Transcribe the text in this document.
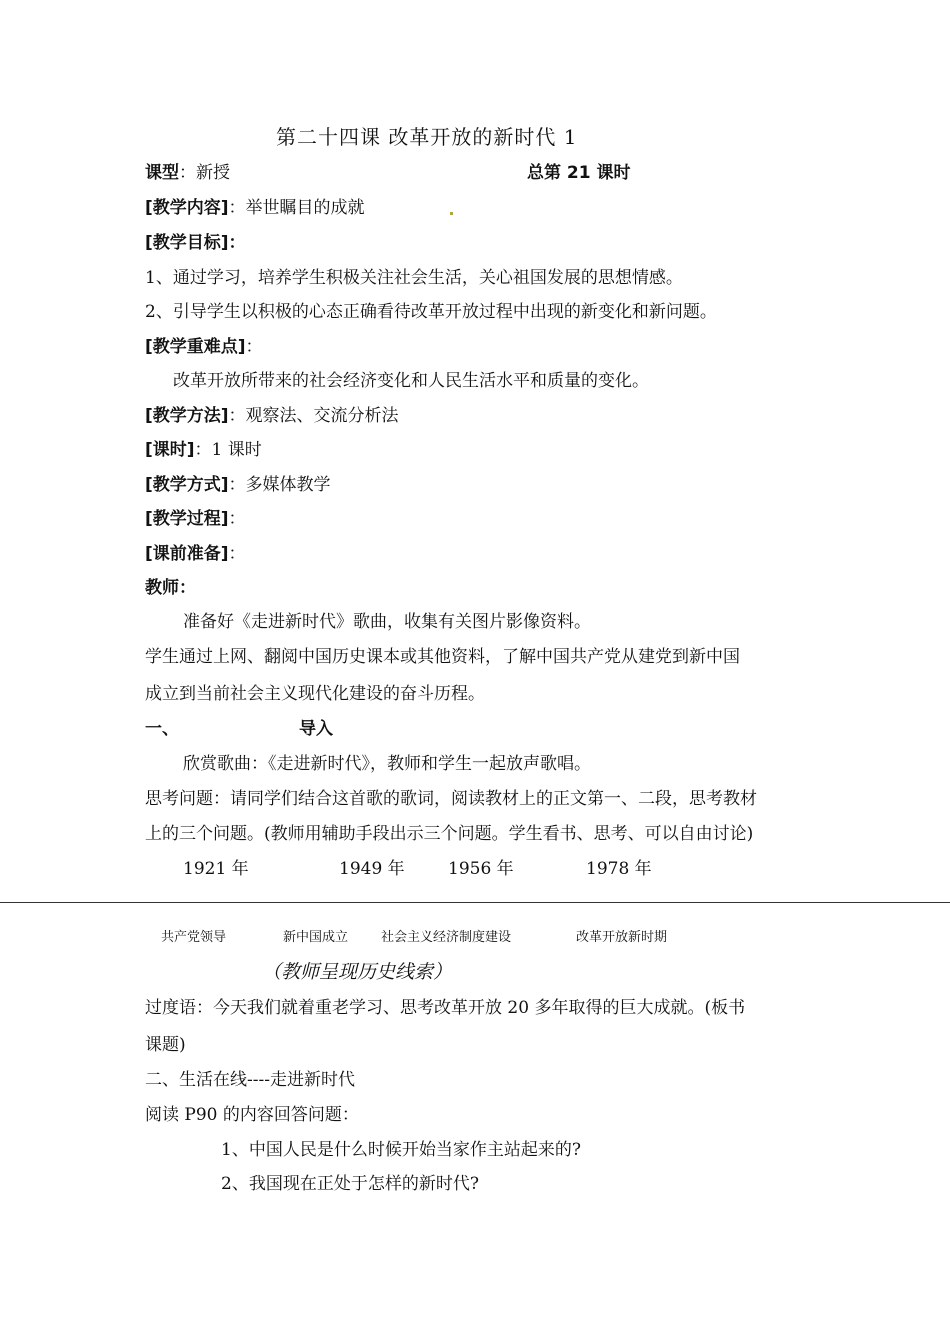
第二十四课 改革开放的新时代 1
课型：新授	总第 21 课时
[教学内容]：举世瞩目的成就
[教学目标]：
1、通过学习，培养学生积极关注社会生活，关心祖国发展的思想情感。
2、引导学生以积极的心态正确看待改革开放过程中出现的新变化和新问题。
[教学重难点]：
改革开放所带来的社会经济变化和人民生活水平和质量的变化。
[教学方法]：观察法、交流分析法
[课时]：1 课时
[教学方式]：多媒体教学
[教学过程]：
[课前准备]：
教师：
准备好《走进新时代》歌曲，收集有关图片影像资料。
学生通过上网、翻阅中国历史课本或其他资料，了解中国共产党从建党到新中国
成立到当前社会主义现代化建设的奋斗历程。
一、	导入
欣赏歌曲：《走进新时代》，教师和学生一起放声歌唱。
思考问题：请同学们结合这首歌的歌词，阅读教材上的正文第一、二段，思考教材
上的三个问题。(教师用辅助手段出示三个问题。学生看书、思考、可以自由讨论)
1921 年	1949 年	1956 年	1978 年
共产党领导	新中国成立	社会主义经济制度建设	改革开放新时期
（教师呈现历史线索）
过度语：今天我们就着重老学习、思考改革开放 20 多年取得的巨大成就。(板书
课题)
二、生活在线----走进新时代
阅读 P90 的内容回答问题：
1、中国人民是什么时候开始当家作主站起来的?
2、我国现在正处于怎样的新时代?
